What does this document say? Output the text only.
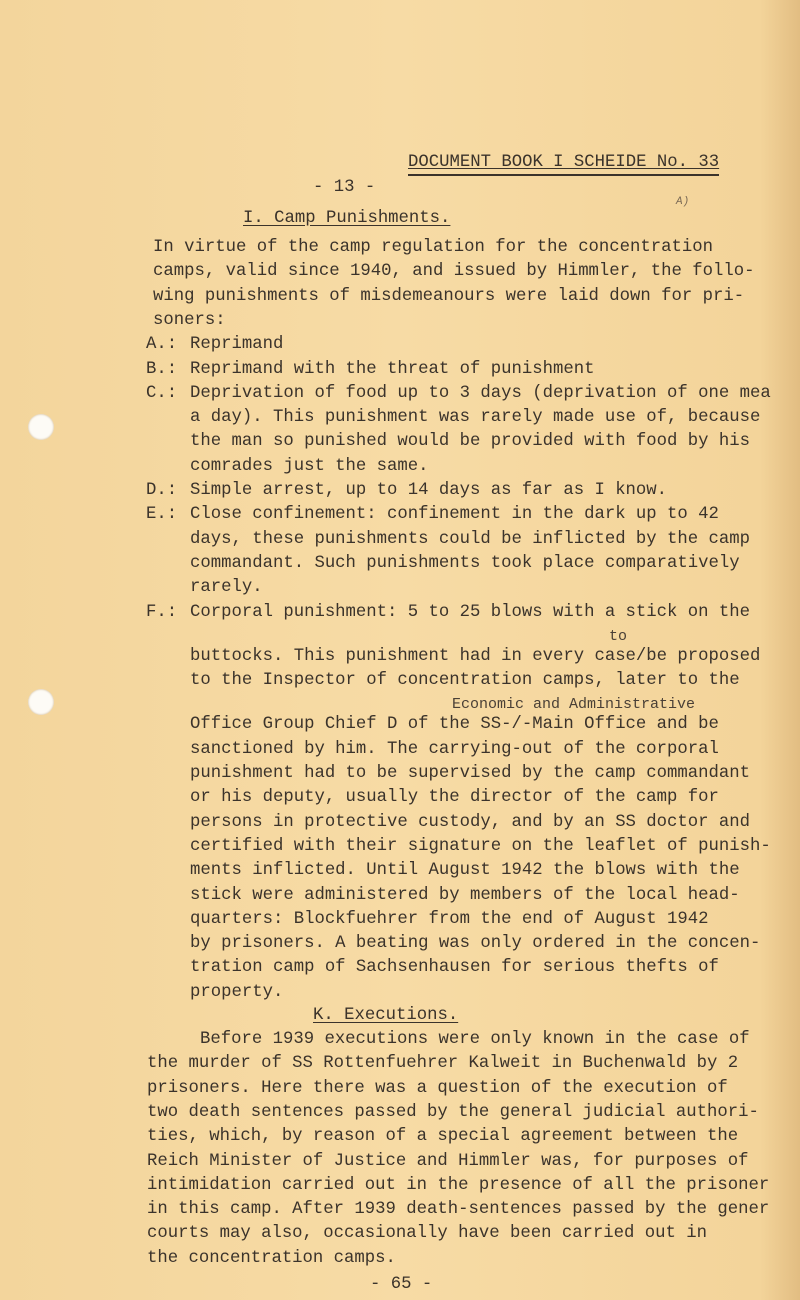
DOCUMENT BOOK I SCHEIDE No. 33
- 13 -
A)
I. Camp Punishments.
In virtue of the camp regulation for the concentration
camps, valid since 1940, and issued by Himmler, the follo-
wing punishments of misdemeanours were laid down for pri-
soners:
A.: Reprimand
B.: Reprimand with the threat of punishment
C.: Deprivation of food up to 3 days (deprivation of one mea
a day). This punishment was rarely made use of, because
the man so punished would be provided with food by his
comrades just the same.
D.: Simple arrest, up to 14 days as far as I know.
E.: Close confinement: confinement in the dark up to 42
days, these punishments could be inflicted by the camp
commandant. Such punishments took place comparatively
rarely.
F.: Corporal punishment: 5 to 25 blows with a stick on the
buttocks. This punishment had in every case/be proposed
to the Inspector of concentration camps, later to the
Office Group Chief D of the SS-/-Main Office and be
sanctioned by him. The carrying-out of the corporal
punishment had to be supervised by the camp commandant
or his deputy, usually the director of the camp for
persons in protective custody, and by an SS doctor and
certified with their signature on the leaflet of punish-
ments inflicted. Until August 1942 the blows with the
stick were administered by members of the local head-
quarters: Blockfuehrer from the end of August 1942
by prisoners. A beating was only ordered in the concen-
tration camp of Sachsenhausen for serious thefts of
property.
to
Economic and Administrative
K. Executions.
Before 1939 executions were only known in the case of
the murder of SS Rottenfuehrer Kalweit in Buchenwald by 2
prisoners. Here there was a question of the execution of
two death sentences passed by the general judicial authori-
ties, which, by reason of a special agreement between the
Reich Minister of Justice and Himmler was, for purposes of
intimidation carried out in the presence of all the prisoner
in this camp. After 1939 death-sentences passed by the gener
courts may also, occasionally have been carried out in
the concentration camps.
- 65 -
